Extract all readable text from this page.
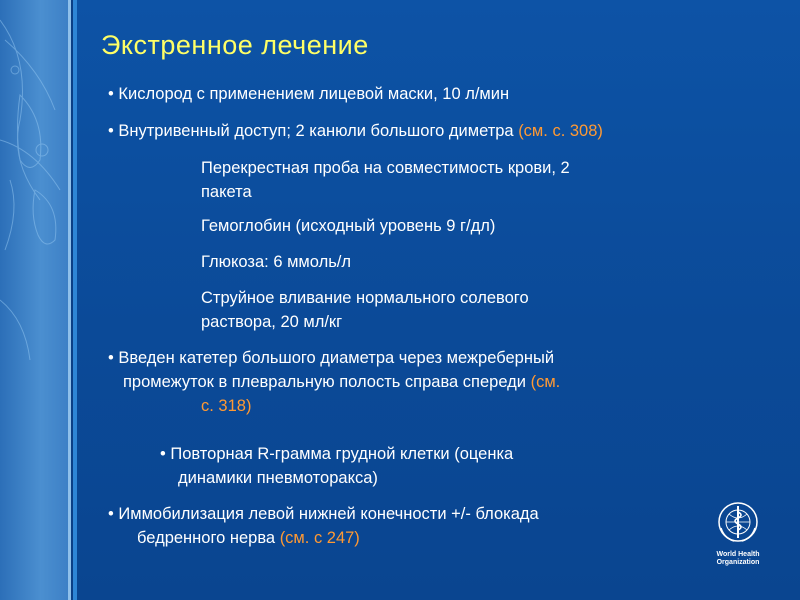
Экстренное лечение
• Кислород с применением лицевой маски, 10 л/мин
• Внутривенный доступ; 2 канюли большого диметра (см. с. 308)
Перекрестная проба на совместимость крови, 2
пакета
Гемоглобин (исходный уровень 9 г/дл)
Глюкоза: 6 ммоль/л
Струйное вливание нормального солевого
раствора, 20 мл/кг
• Введен катетер большого диаметра через межреберный
промежуток в плевральную полость справа спереди (см.
с. 318)
• Повторная R-грамма грудной клетки (оценка
динамики пневмоторакса)
• Иммобилизация левой нижней конечности +/- блокада
бедренного нерва (см. с 247)
World Health
Organization
